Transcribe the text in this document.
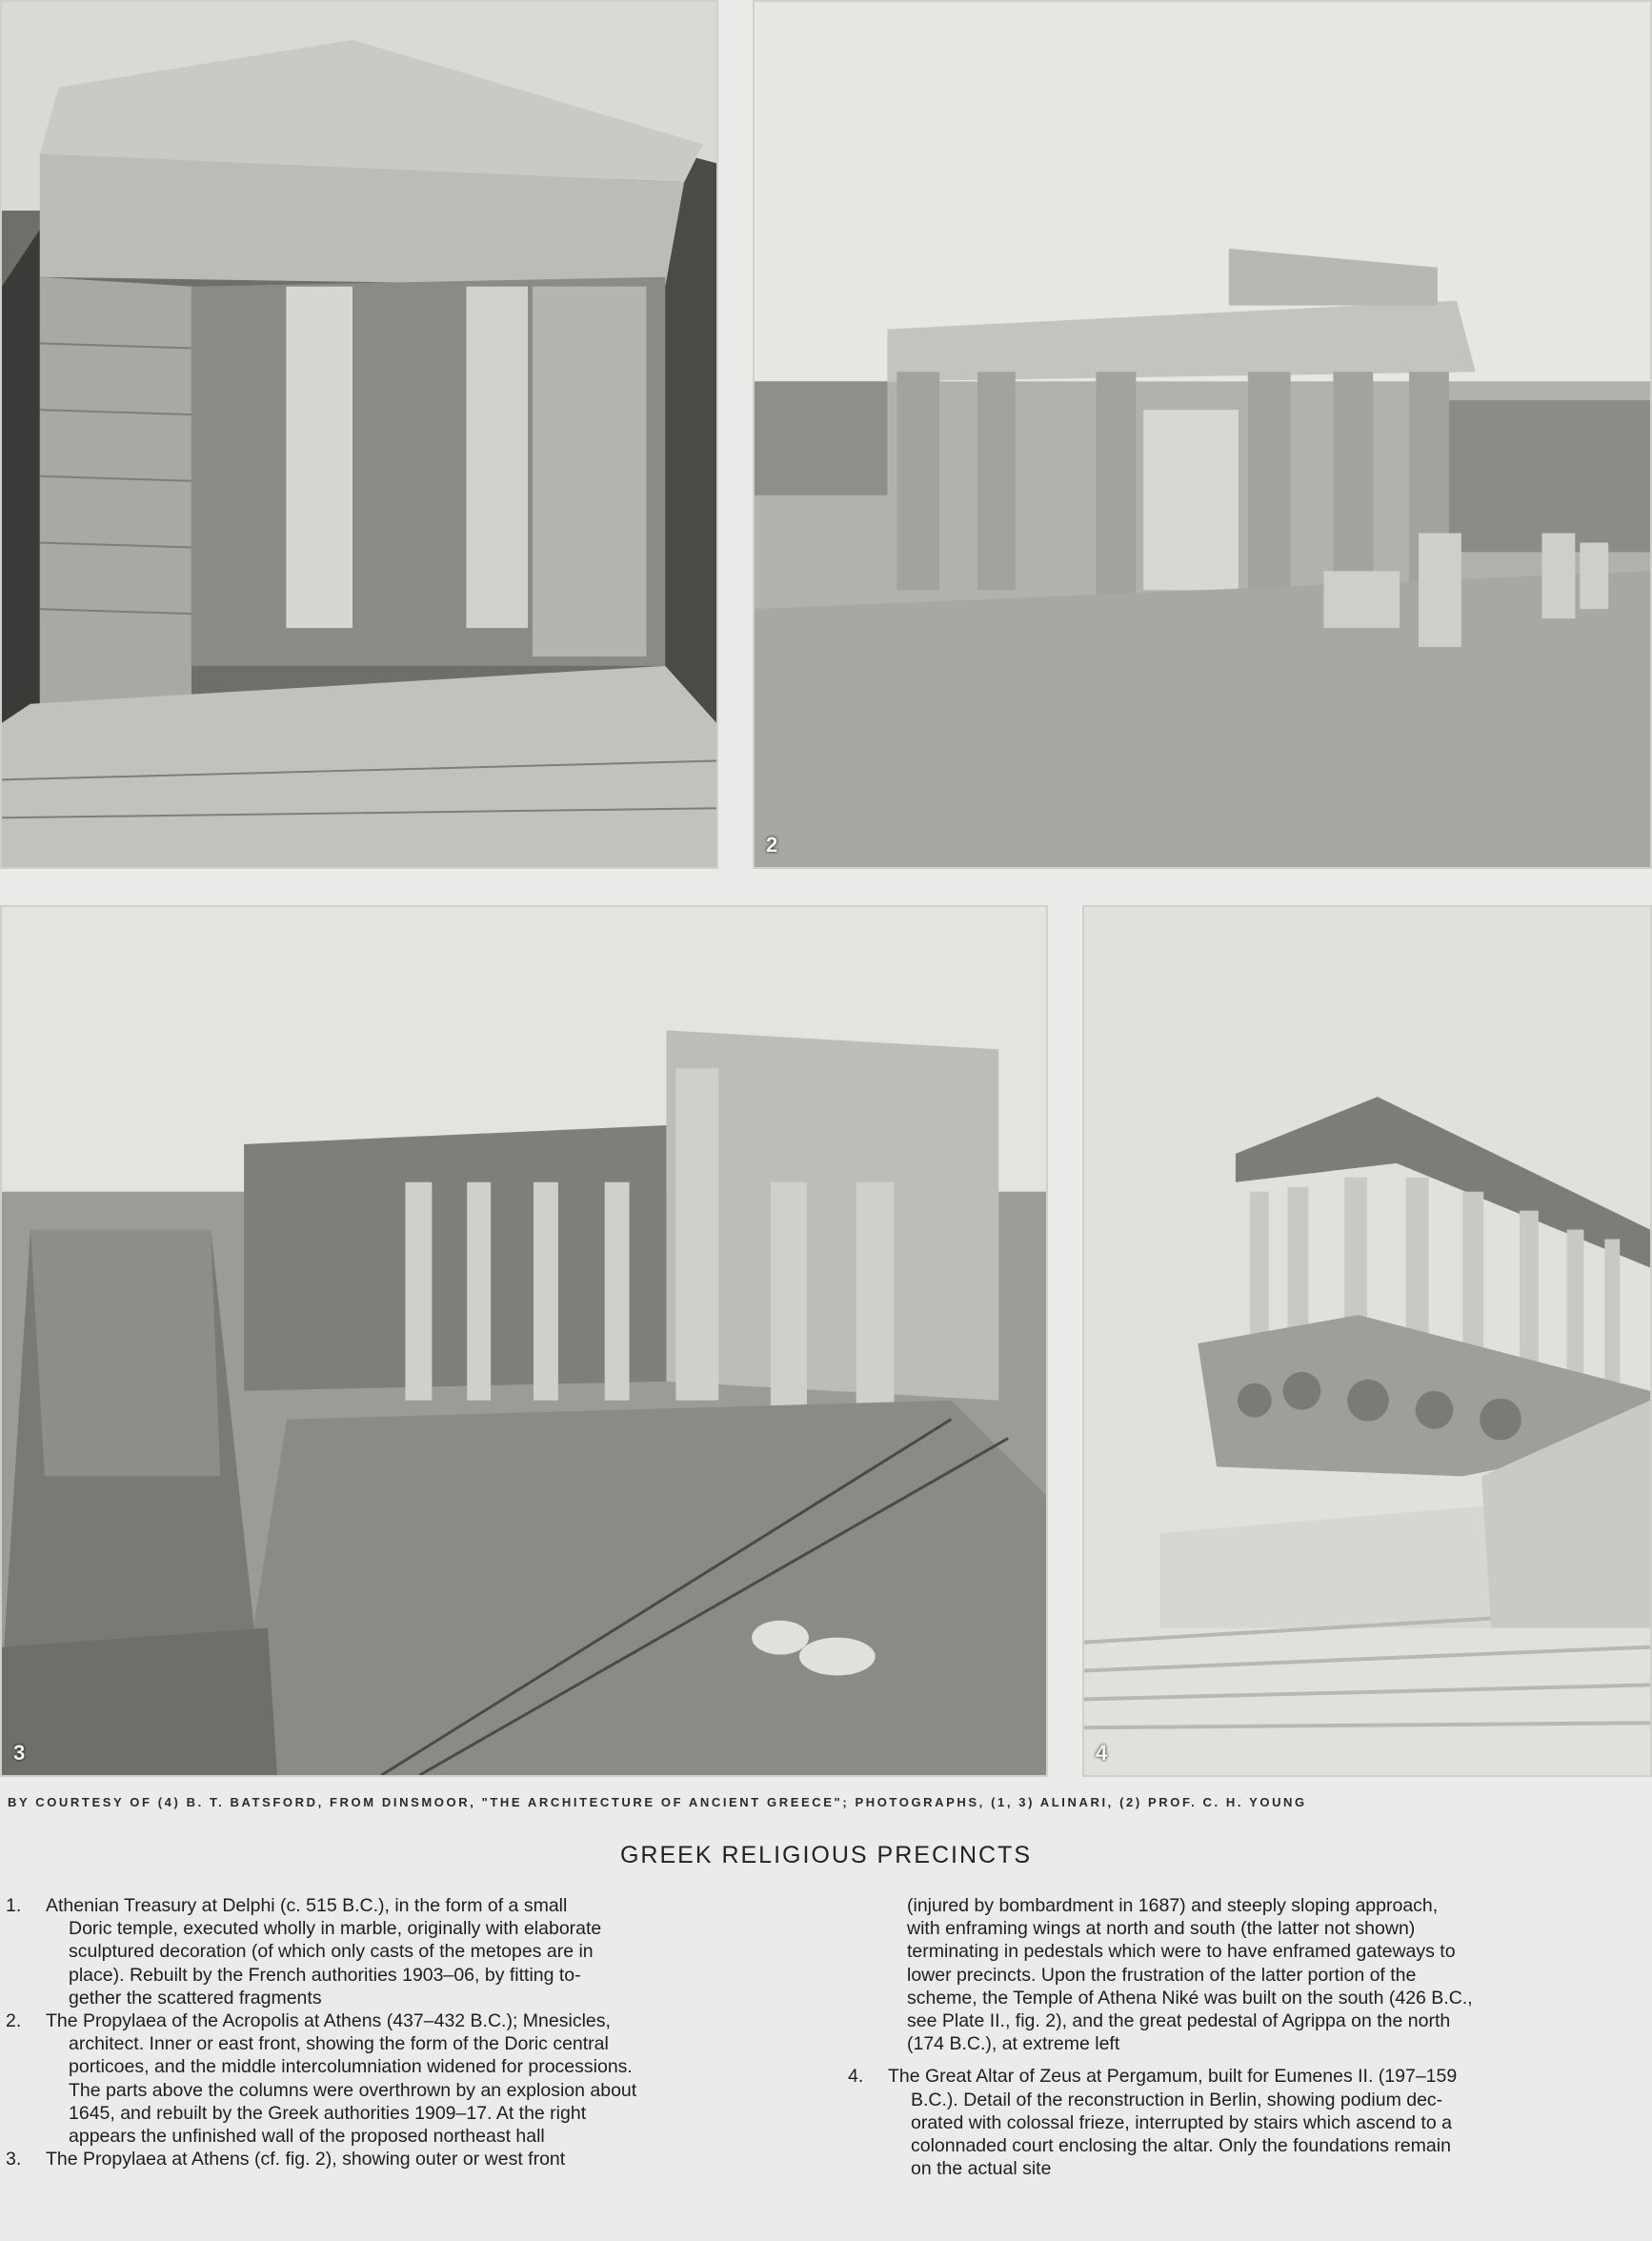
2
3	4
BY COURTESY OF (4) B. T. BATSFORD, FROM DINSMOOR, "THE ARCHITECTURE OF ANCIENT GREECE"; PHOTOGRAPHS, (1, 3) ALINARI, (2) PROF. C. H. YOUNG
GREEK RELIGIOUS PRECINCTS
1.	Athenian Treasury at Delphi (c. 515 B.C.), in the form of a small
Doric temple, executed wholly in marble, originally with elaborate
sculptured decoration (of which only casts of the metopes are in
place). Rebuilt by the French authorities 1903–06, by fitting to-
gether the scattered fragments
2.	The Propylaea of the Acropolis at Athens (437–432 B.C.); Mnesicles,
architect. Inner or east front, showing the form of the Doric central
porticoes, and the middle intercolumniation widened for processions.
The parts above the columns were overthrown by an explosion about
1645, and rebuilt by the Greek authorities 1909–17. At the right
appears the unfinished wall of the proposed northeast hall
3.	The Propylaea at Athens (cf. fig. 2), showing outer or west front
(injured by bombardment in 1687) and steeply sloping approach,
with enframing wings at north and south (the latter not shown)
terminating in pedestals which were to have enframed gateways to
lower precincts. Upon the frustration of the latter portion of the
scheme, the Temple of Athena Niké was built on the south (426 B.C.,
see Plate II., fig. 2), and the great pedestal of Agrippa on the north
(174 B.C.), at extreme left
4.	The Great Altar of Zeus at Pergamum, built for Eumenes II. (197–159
B.C.). Detail of the reconstruction in Berlin, showing podium dec-
orated with colossal frieze, interrupted by stairs which ascend to a
colonnaded court enclosing the altar. Only the foundations remain
on the actual site
